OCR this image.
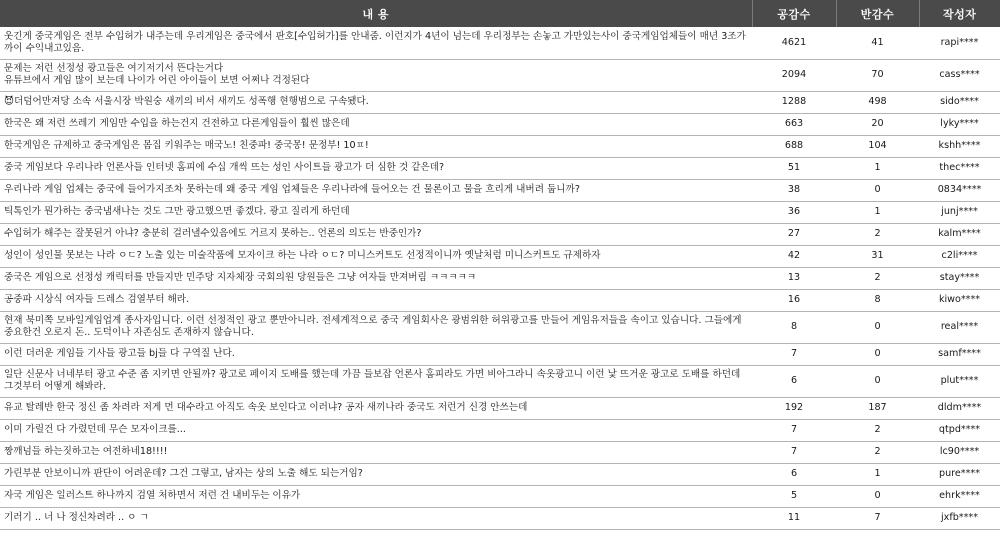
내 용	공감수	반감수	작성자
웃긴게 중국게임은 전부 수입허가 내주는데 우리게임은 중국에서 판호[수입허가]를 안내줌. 이런지가 4년이 넘는데 우리정부는 손놓고 가만있는사이 중국게임업체들이 매년 3조가까이 수익내고있음.	4621	41	rapi****
문제는 저런 선정성 광고들은 여기저기서 뜬다는거다
유튜브에서 게임 많이 보는데 나이가 어린 아이들이 보면 어쩌나 걱정된다	2094	70	cass****
😈더덤어만져당 소속 서울시장 박원숭 새끼의 비서 새끼도 성폭행 현행범으로 구속됐다.	1288	498	sido****
한국은 왜 저런 쓰레기 게임만 수입을 하는건지 건전하고 다른게임들이 훨씬 많은데	663	20	lyky****
한국게임은 규제하고 중국게임은 몸집 키워주는 매국노! 친중파! 중국몽! 문정부! 10ㅍ!	688	104	kshh****
중국 게임보다 우리나라 언론사들 인터넷 홈피에 수십 개씩 뜨는 성인 사이트들 광고가 더 심한 것 같은데?	51	1	thec****
우리나라 게임 업체는 중국에 들어가지조차 못하는데 왜 중국 게임 업체들은 우리나라에 들어오는 건 물론이고 물을 흐리게 내버려 둡니까?	38	0	0834****
틱톡인가 뭔가하는 중국냄새나는 것도 그만 광고했으면 좋겠다. 광고 질리게 하던데	36	1	junj****
수입허가 해주는 잘못된거 아냐? 충분히 걸러낼수있음에도 거르지 못하는.. 언론의 의도는 반중인가?	27	2	kalm****
성인이 성인물 못보는 나라 ㅇㄷ? 노출 있는 미술작품에 모자이크 하는 나라 ㅇㄷ? 미니스커트도 선정적이니까 옛날처럼 미니스커트도 규제하자	42	31	c2li****
중국은 게임으로 선정성 캐릭터를 만들지만 민주당 지자체장 국회의원 당원들은 그냥 여자들 만져버림 ㅋㅋㅋㅋㅋ	13	2	stay****
공중파 시상식 여자들 드레스 검열부터 해라.	16	8	kiwo****
현재 북미쪽 모바일게임업계 종사자입니다. 이런 선정적인 광고 뿐만아니라. 전세계적으로 중국 게임회사은 광범위한 허위광고를 만들어 게임유저들을 속이고 있습니다. 그들에게 중요한건 오로지 돈.. 도덕이나 자존심도 존재하지 않습니다.	8	0	real****
이런 더러운 게임들 기사들 광고들 bj들 다 구역질 난다.	7	0	samf****
일단 신문사 너네부터 광고 수준 좀 지키면 안될까? 광고로 페이지 도배를 했는데 가끔 들보잡 언론사 홈피라도 가면 비아그라니 속옷광고니 이런 낯 뜨거운 광고로 도배를 하던데 그것부터 어떻게 해봐라.	6	0	plut****
유교 탈레반 한국 정신 좀 차려라 저게 먼 대수라고 아직도 속옷 보인다고 이러냐? 공자 새끼나라 중국도 저런거 신경 안쓰는데	192	187	dldm****
이미 가릴건 다 가렸던데 무슨 모자이크를...	7	2	qtpd****
짱깨넘들 하는짓하고는 여전하네18!!!!	7	2	lc90****
가린부분 안보이니까 판단이 어려운데? 그건 그렇고, 남자는 상의 노출 해도 되는거임?	6	1	pure****
자국 게임은 일러스트 하나까지 검열 처하면서 저런 건 내비두는 이유가	5	0	ehrk****
기러기 .. 너 나 정신차려라 .. ㅇ ㄱ	11	7	jxfb****
